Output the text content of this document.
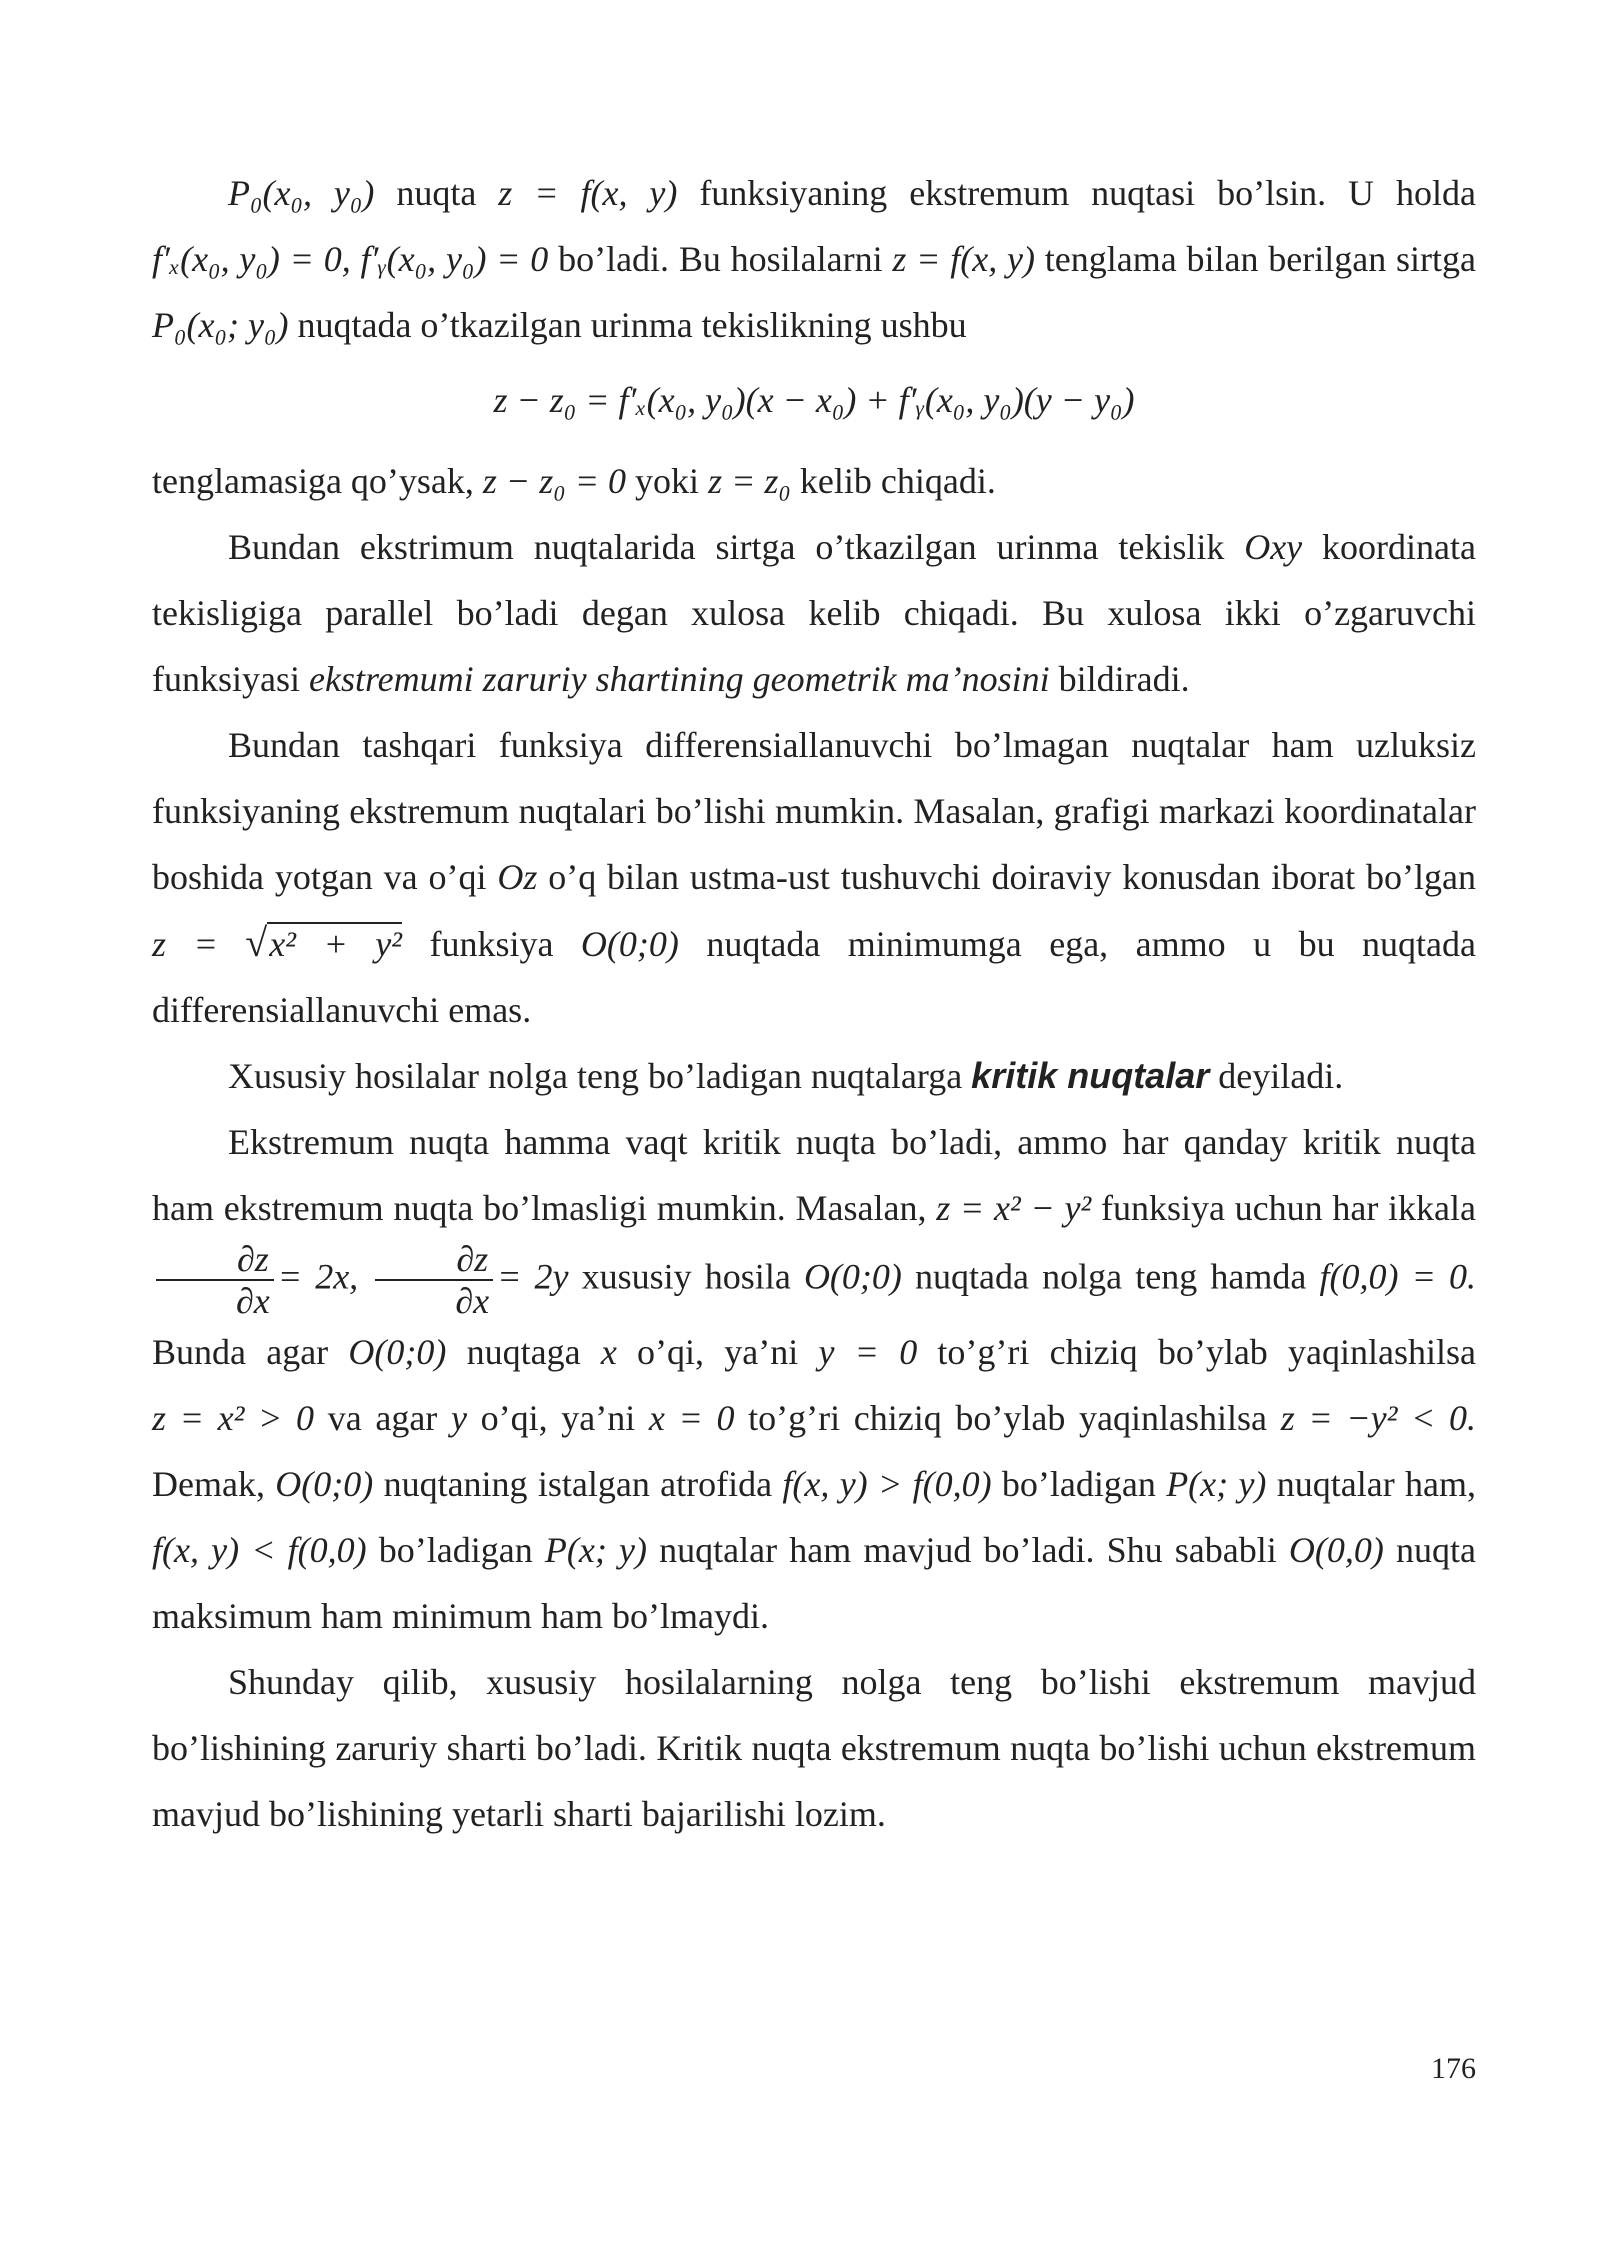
P₀(x₀, y₀) nuqta z = f(x, y) funksiyaning ekstremum nuqtasi bo’lsin. U holda f′ₓ(x₀, y₀) = 0, f′ᵧ(x₀, y₀) = 0 bo’ladi. Bu hosilalarni z = f(x, y) tenglama bilan berilgan sirtga P₀(x₀; y₀) nuqtada o’tkazilgan urinma tekislikning ushbu

z − z₀ = f′ₓ(x₀, y₀)(x − x₀) + f′ᵧ(x₀, y₀)(y − y₀)

tenglamasiga qo’ysak, z − z₀ = 0 yoki z = z₀ kelib chiqadi.

Bundan ekstrimum nuqtalarida sirtga o’tkazilgan urinma tekislik Oxy koordinata tekisligiga parallel bo’ladi degan xulosa kelib chiqadi. Bu xulosa ikki o’zgaruvchi funksiyasi ekstremumi zaruriy shartining geometrik ma’nosini bildiradi.

Bundan tashqari funksiya differensiallanuvchi bo’lmagan nuqtalar ham uzluksiz funksiyaning ekstremum nuqtalari bo’lishi mumkin. Masalan, grafigi markazi koordinatalar boshida yotgan va o’qi Oz o’q bilan ustma-ust tushuvchi doiraviy konusdan iborat bo’lgan z = √x² + y² funksiya O(0;0) nuqtada minimumga ega, ammo u bu nuqtada differensiallanuvchi emas.

Xususiy hosilalar nolga teng bo’ladigan nuqtalarga kritik nuqtalar deyiladi.

Ekstremum nuqta hamma vaqt kritik nuqta bo’ladi, ammo har qanday kritik nuqta ham ekstremum nuqta bo’lmasligi mumkin. Masalan, z = x² − y² funksiya uchun har ikkala
$\frac{\partial z}{\partial x} = 2x$, $\frac{\partial z}{\partial x} = 2y$ xususiy hosila O(0;0) nuqtada nolga teng hamda f(0,0) = 0. Bunda agar O(0;0) nuqtaga x o’qi, ya’ni y = 0 to’g’ri chiziq bo’ylab yaqinlashilsa z = x² > 0 va agar y o’qi, ya’ni x = 0 to’g’ri chiziq bo’ylab yaqinlashilsa z = −y² < 0. Demak, O(0;0) nuqtaning istalgan atrofida f(x, y) > f(0,0) bo’ladigan P(x; y) nuqtalar ham, f(x, y) < f(0,0) bo’ladigan P(x; y) nuqtalar ham mavjud bo’ladi. Shu sababli O(0,0) nuqta maksimum ham minimum ham bo’lmaydi.

Shunday qilib, xususiy hosilalarning nolga teng bo’lishi ekstremum mavjud bo’lishining zaruriy sharti bo’ladi. Kritik nuqta ekstremum nuqta bo’lishi uchun ekstremum mavjud bo’lishining yetarli sharti bajarilishi lozim.

176
